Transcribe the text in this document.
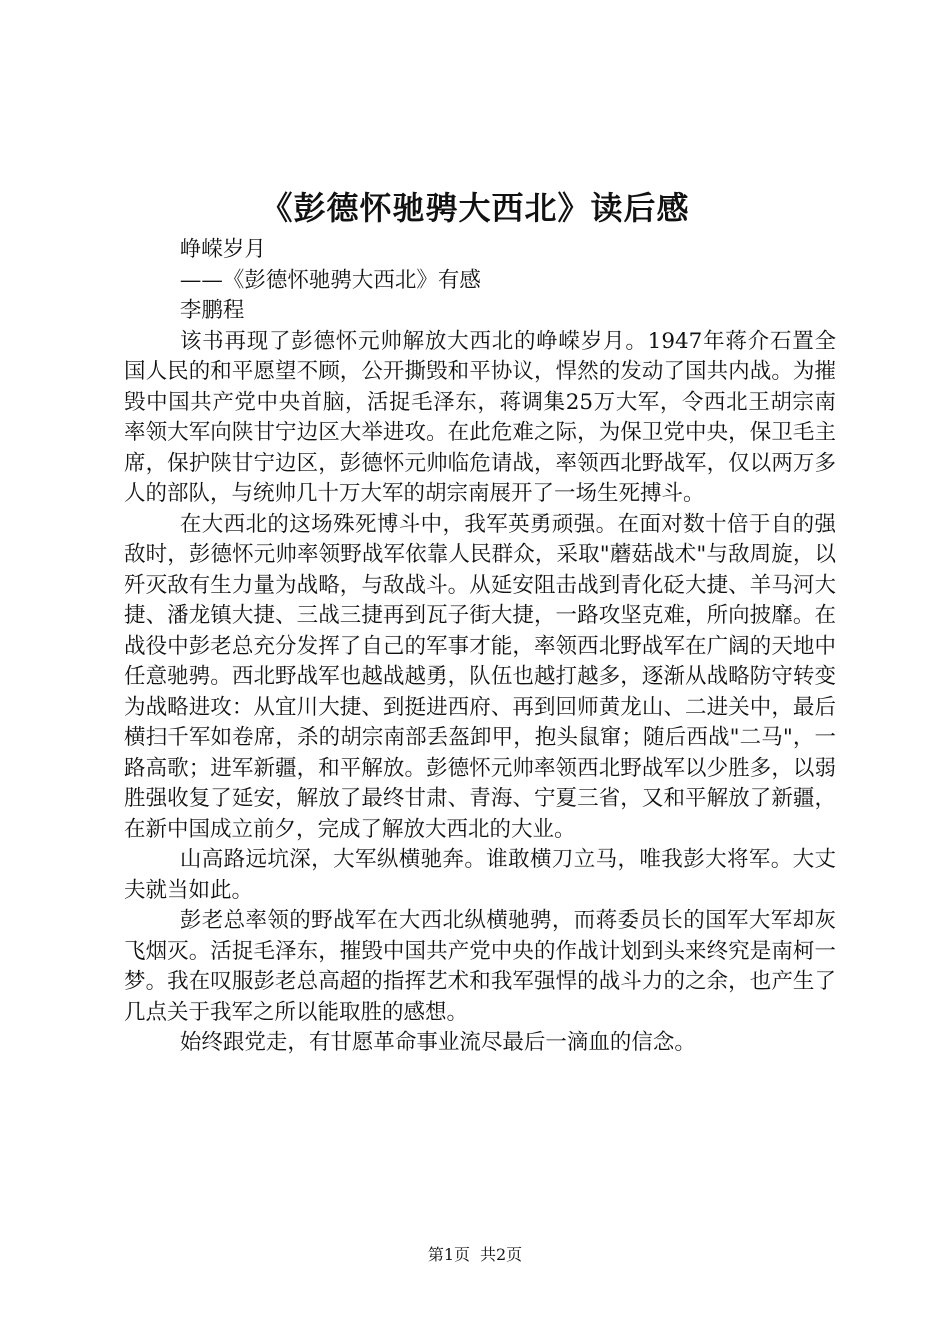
《彭德怀驰骋大西北》读后感

峥嵘岁月

——《彭德怀驰骋大西北》有感

李鹏程

该书再现了彭德怀元帅解放大西北的峥嵘岁月。1947年蒋介石置全国人民的和平愿望不顾，公开撕毁和平协议，悍然的发动了国共内战。为摧毁中国共产党中央首脑，活捉毛泽东，蒋调集25万大军，令西北王胡宗南率领大军向陕甘宁边区大举进攻。在此危难之际，为保卫党中央，保卫毛主席，保护陕甘宁边区，彭德怀元帅临危请战，率领西北野战军，仅以两万多人的部队，与统帅几十万大军的胡宗南展开了一场生死搏斗。

在大西北的这场殊死博斗中，我军英勇顽强。在面对数十倍于自的强敌时，彭德怀元帅率领野战军依靠人民群众，采取"蘑菇战术"与敌周旋，以歼灭敌有生力量为战略，与敌战斗。从延安阻击战到青化砭大捷、羊马河大捷、潘龙镇大捷、三战三捷再到瓦子街大捷，一路攻坚克难，所向披靡。在战役中彭老总充分发挥了自己的军事才能，率领西北野战军在广阔的天地中任意驰骋。西北野战军也越战越勇，队伍也越打越多，逐渐从战略防守转变为战略进攻：从宜川大捷、到挺进西府、再到回师黄龙山、二进关中，最后横扫千军如卷席，杀的胡宗南部丢盔卸甲，抱头鼠窜；随后西战"二马"，一路高歌；进军新疆，和平解放。彭德怀元帅率领西北野战军以少胜多，以弱胜强收复了延安，解放了最终甘肃、青海、宁夏三省，又和平解放了新疆，在新中国成立前夕，完成了解放大西北的大业。

山高路远坑深，大军纵横驰奔。谁敢横刀立马，唯我彭大将军。大丈夫就当如此。

彭老总率领的野战军在大西北纵横驰骋，而蒋委员长的国军大军却灰飞烟灭。活捉毛泽东，摧毁中国共产党中央的作战计划到头来终究是南柯一梦。我在叹服彭老总高超的指挥艺术和我军强悍的战斗力的之余，也产生了几点关于我军之所以能取胜的感想。

始终跟党走，有甘愿革命事业流尽最后一滴血的信念。

第1页 共2页
